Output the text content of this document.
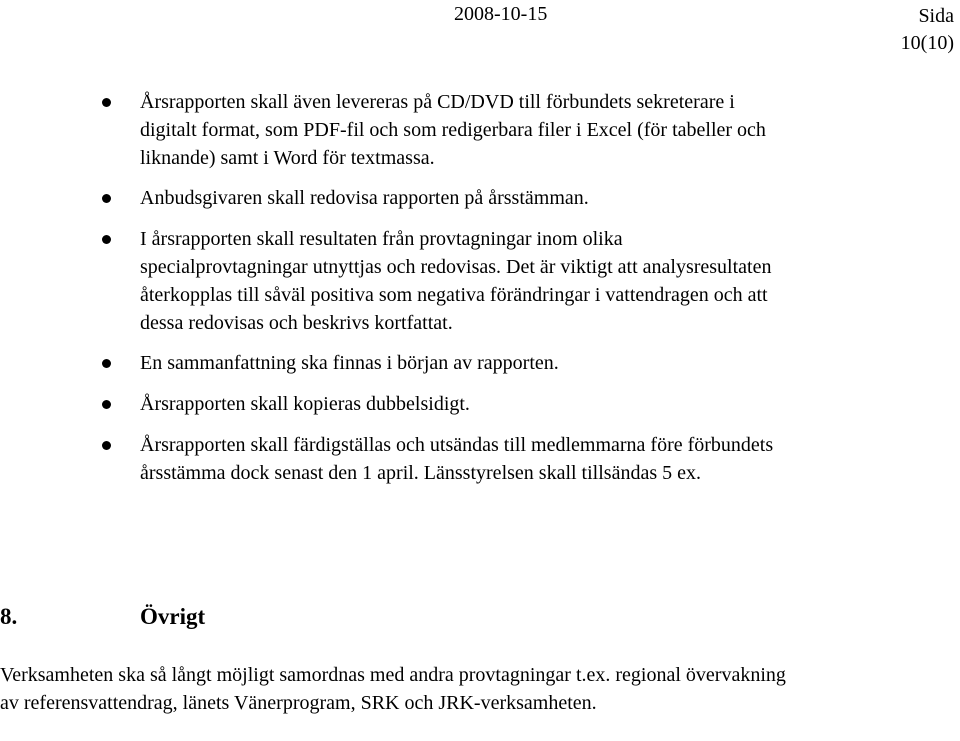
2008-10-15	Sida
10(10)
Årsrapporten skall även levereras på CD/DVD till förbundets sekreterare i digitalt format, som PDF-fil och som redigerbara filer i Excel (för tabeller och liknande) samt i Word för textmassa.
Anbudsgivaren skall redovisa rapporten på årsstämman.
I årsrapporten skall resultaten från provtagningar inom olika specialprovtagningar utnyttjas och redovisas. Det är viktigt att analysresultaten återkopplas till såväl positiva som negativa förändringar i vattendragen och att dessa redovisas och beskrivs kortfattat.
En sammanfattning ska finnas i början av rapporten.
Årsrapporten skall kopieras dubbelsidigt.
Årsrapporten skall färdigställas och utsändas till medlemmarna före förbundets årsstämma dock senast den 1 april. Länsstyrelsen skall tillsändas 5 ex.
8.	Övrigt
Verksamheten ska så långt möjligt samordnas med andra provtagningar t.ex. regional övervakning av referensvattendrag, länets Vänerprogram, SRK och JRK-verksamheten.
